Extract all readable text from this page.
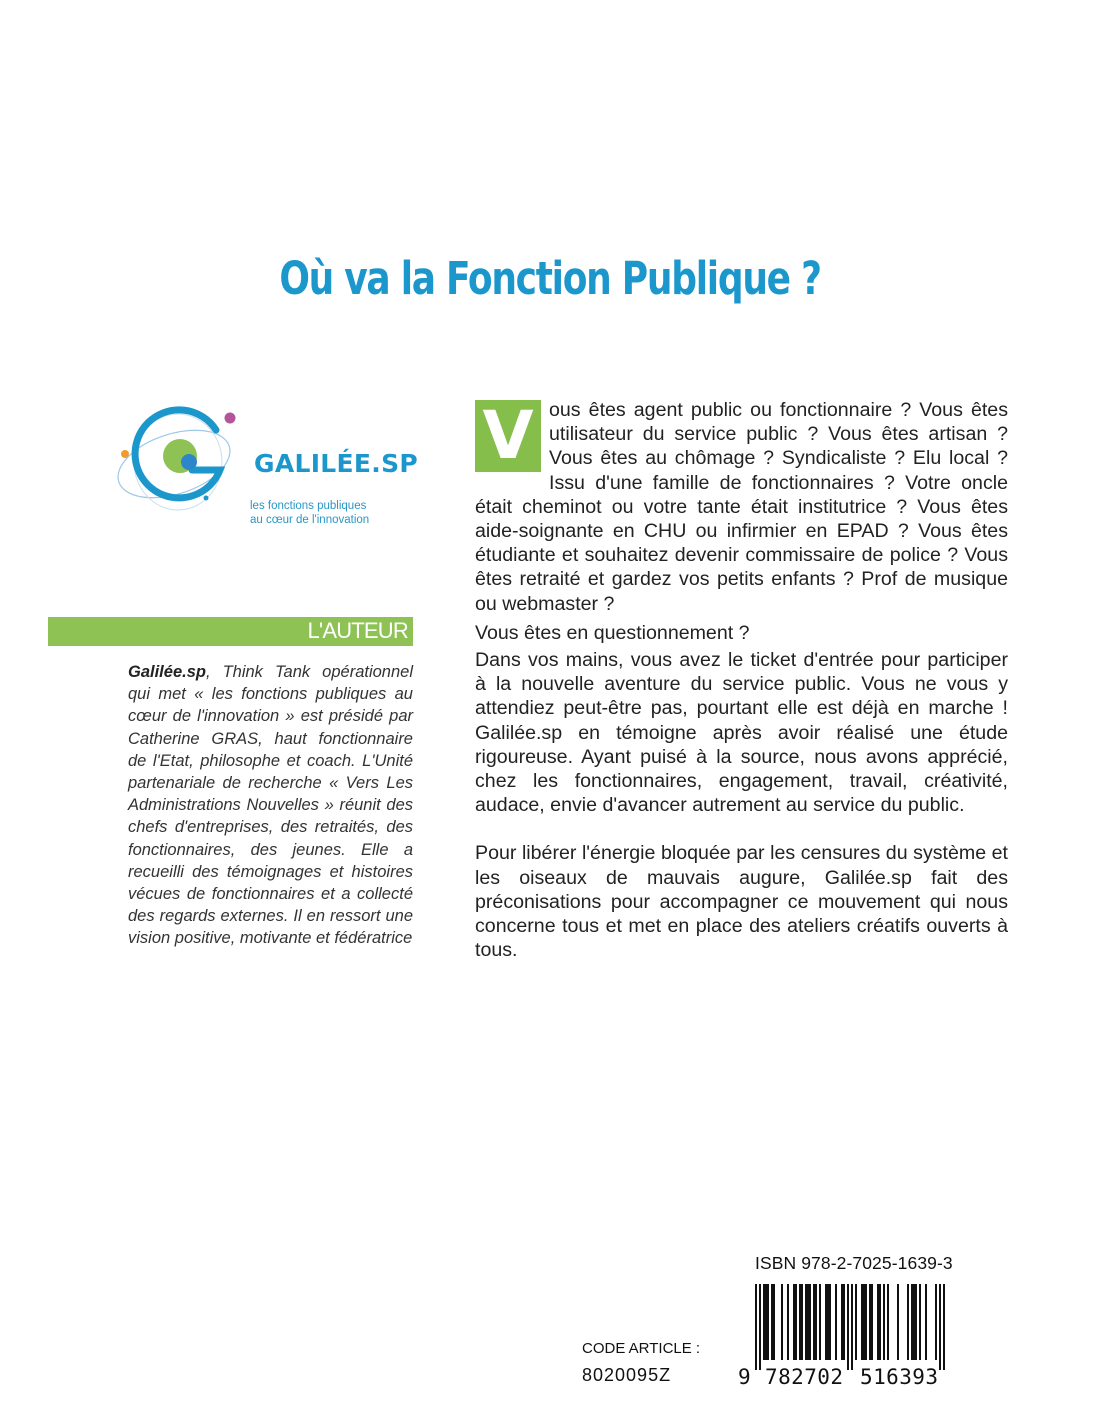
Où va la Fonction Publique ?
GALILÉE.SP
les fonctions publiques
au cœur de l'innovation
L'AUTEUR
Galilée.sp, Think Tank opérationnel qui met « les fonctions publiques au cœur de l'innovation » est présidé par Catherine GRAS, haut fonctionnaire de l'Etat, philosophe et coach. L'Unité partenariale de recherche « Vers Les Administrations Nouvelles » réunit des chefs d'entreprises, des retraités, des fonctionnaires, des jeunes. Elle a recueilli des témoignages et histoires vécues de fonctionnaires et a collecté des regards externes. Il en ressort une vision positive, motivante et fédératrice
V ous êtes agent public ou fonctionnaire ? Vous êtes utilisateur du service public ? Vous êtes artisan ? Vous êtes au chômage ? Syndicaliste ? Elu local ? Issu d'une famille de fonctionnaires ? Votre oncle était cheminot ou votre tante était institutrice ? Vous êtes aide-soignante en CHU ou infirmier en EPAD ? Vous êtes étudiante et souhaitez devenir commissaire de police ? Vous êtes retraité et gardez vos petits enfants ? Prof de musique ou webmaster ?

Vous êtes en questionnement ?

Dans vos mains, vous avez le ticket d'entrée pour participer à la nouvelle aventure du service public. Vous ne vous y attendiez peut-être pas, pourtant elle est déjà en marche ! Galilée.sp en témoigne après avoir réalisé une étude rigoureuse. Ayant puisé à la source, nous avons apprécié, chez les fonctionnaires, engagement, travail, créativité, audace, envie d'avancer autrement au service du public.

Pour libérer l'énergie bloquée par les censures du système et les oiseaux de mauvais augure, Galilée.sp fait des préconisations pour accompagner ce mouvement qui nous concerne tous et met en place des ateliers créatifs ouverts à tous.

ISBN 978-2-7025-1639-3
9 782702 516393
CODE ARTICLE :
8020095Z
